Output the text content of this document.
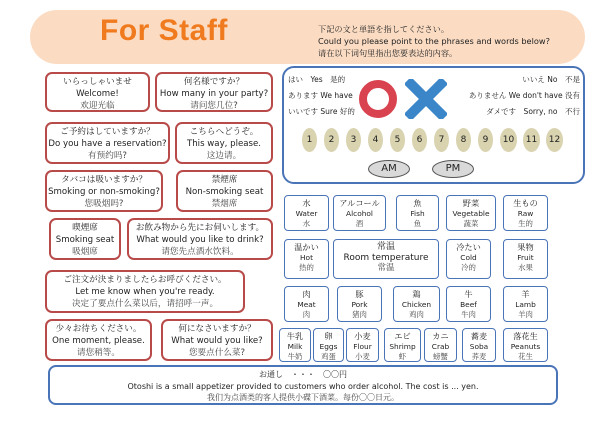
For Staff	下記の文と単語を指してください。
Could you please point to the phrases and words below?
请在以下词句里指出您要表达的内容。
いらっしゃいませ
Welcome!
欢迎光临
何名様ですか？
How many in your party?
请问您几位?
ご予約はしていますか？
Do you have a reservation?
有预约吗?
こちらへどうぞ。
This way, please.
这边请。
タバコは吸いますか？
Smoking or non-smoking?
您吸烟吗?
禁煙席
Non-smoking seat
禁烟席
喫煙席
Smoking seat
吸烟席
お飲み物から先にお伺いします。
What would you like to drink?
请您先点酒水饮料。
ご注文が決まりましたらお呼びください。
Let me know when you're ready.
决定了要点什么菜以后，请招呼一声。
少々お待ちください。
One moment, please.
请您稍等。
何になさいますか？
What would you like?
您要点什么菜?
はい　Yes　是的
あります We have　有
いいです Sure 好的
いいえ No　不是
ありません We don't have 没有
ダメです　Sorry, no　不行
1	2	3	4	5	6	7	8	9	10	11	12
AM	PM
水
Water
水
アルコール
Alcohol
酒
魚
Fish
鱼
野菜
Vegetable
蔬菜
生もの
Raw
生的
温かい
Hot
热的
常温
Room temperature
常温
冷たい
Cold
冷的
果物
Fruit
水果
肉
Meat
肉
豚
Pork
猪肉
鶏
Chicken
鸡肉
牛
Beef
牛肉
羊
Lamb
羊肉
牛乳
Milk
牛奶
卵
Eggs
鸡蛋
小麦
Flour
小麦
エビ
Shrimp
虾
カニ
Crab
螃蟹
蕎麦
Soba
荞麦
落花生
Peanuts
花生
お通し　・・・　〇〇円
Otoshi is a small appetizer provided to customers who order alcohol. The cost is ... yen.
我们为点酒类的客人提供小碟下酒菜。每份〇〇日元。
